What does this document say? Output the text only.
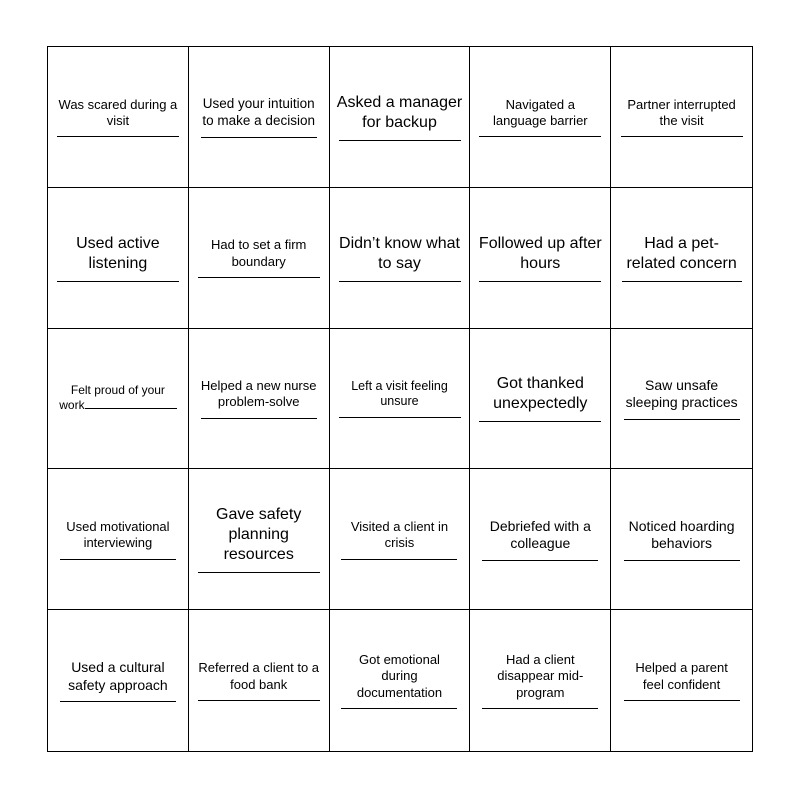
Was scared during a visit
Used your intuition to make a decision
Asked a manager for backup
Navigated a language barrier
Partner interrupted the visit
Used active listening
Had to set a firm boundary
Didn’t know what to say
Followed up after hours
Had a pet-related concern
Felt proud of your work
Helped a new nurse problem-solve
Left a visit feeling unsure
Got thanked unexpectedly
Saw unsafe sleeping practices
Used motivational interviewing
Gave safety planning resources
Visited a client in crisis
Debriefed with a colleague
Noticed hoarding behaviors
Used a cultural safety approach
Referred a client to a food bank
Got emotional during documentation
Had a client disappear mid-program
Helped a parent feel confident
